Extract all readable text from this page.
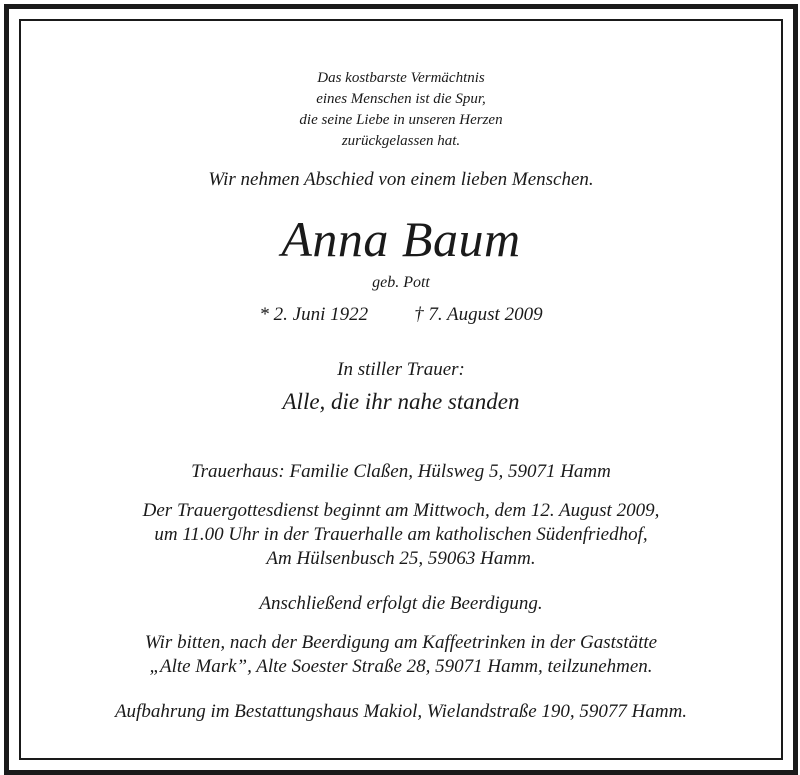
Das kostbarste Vermächtnis
eines Menschen ist die Spur,
die seine Liebe in unseren Herzen
zurückgelassen hat.
Wir nehmen Abschied von einem lieben Menschen.
Anna Baum
geb. Pott
* 2. Juni 1922 † 7. August 2009
In stiller Trauer:
Alle, die ihr nahe standen
Trauerhaus: Familie Claßen, Hülsweg 5, 59071 Hamm
Der Trauergottesdienst beginnt am Mittwoch, dem 12. August 2009,
um 11.00 Uhr in der Trauerhalle am katholischen Südenfriedhof,
Am Hülsenbusch 25, 59063 Hamm.
Anschließend erfolgt die Beerdigung.
Wir bitten, nach der Beerdigung am Kaffeetrinken in der Gaststätte
„Alte Mark”, Alte Soester Straße 28, 59071 Hamm, teilzunehmen.
Aufbahrung im Bestattungshaus Makiol, Wielandstraße 190, 59077 Hamm.
